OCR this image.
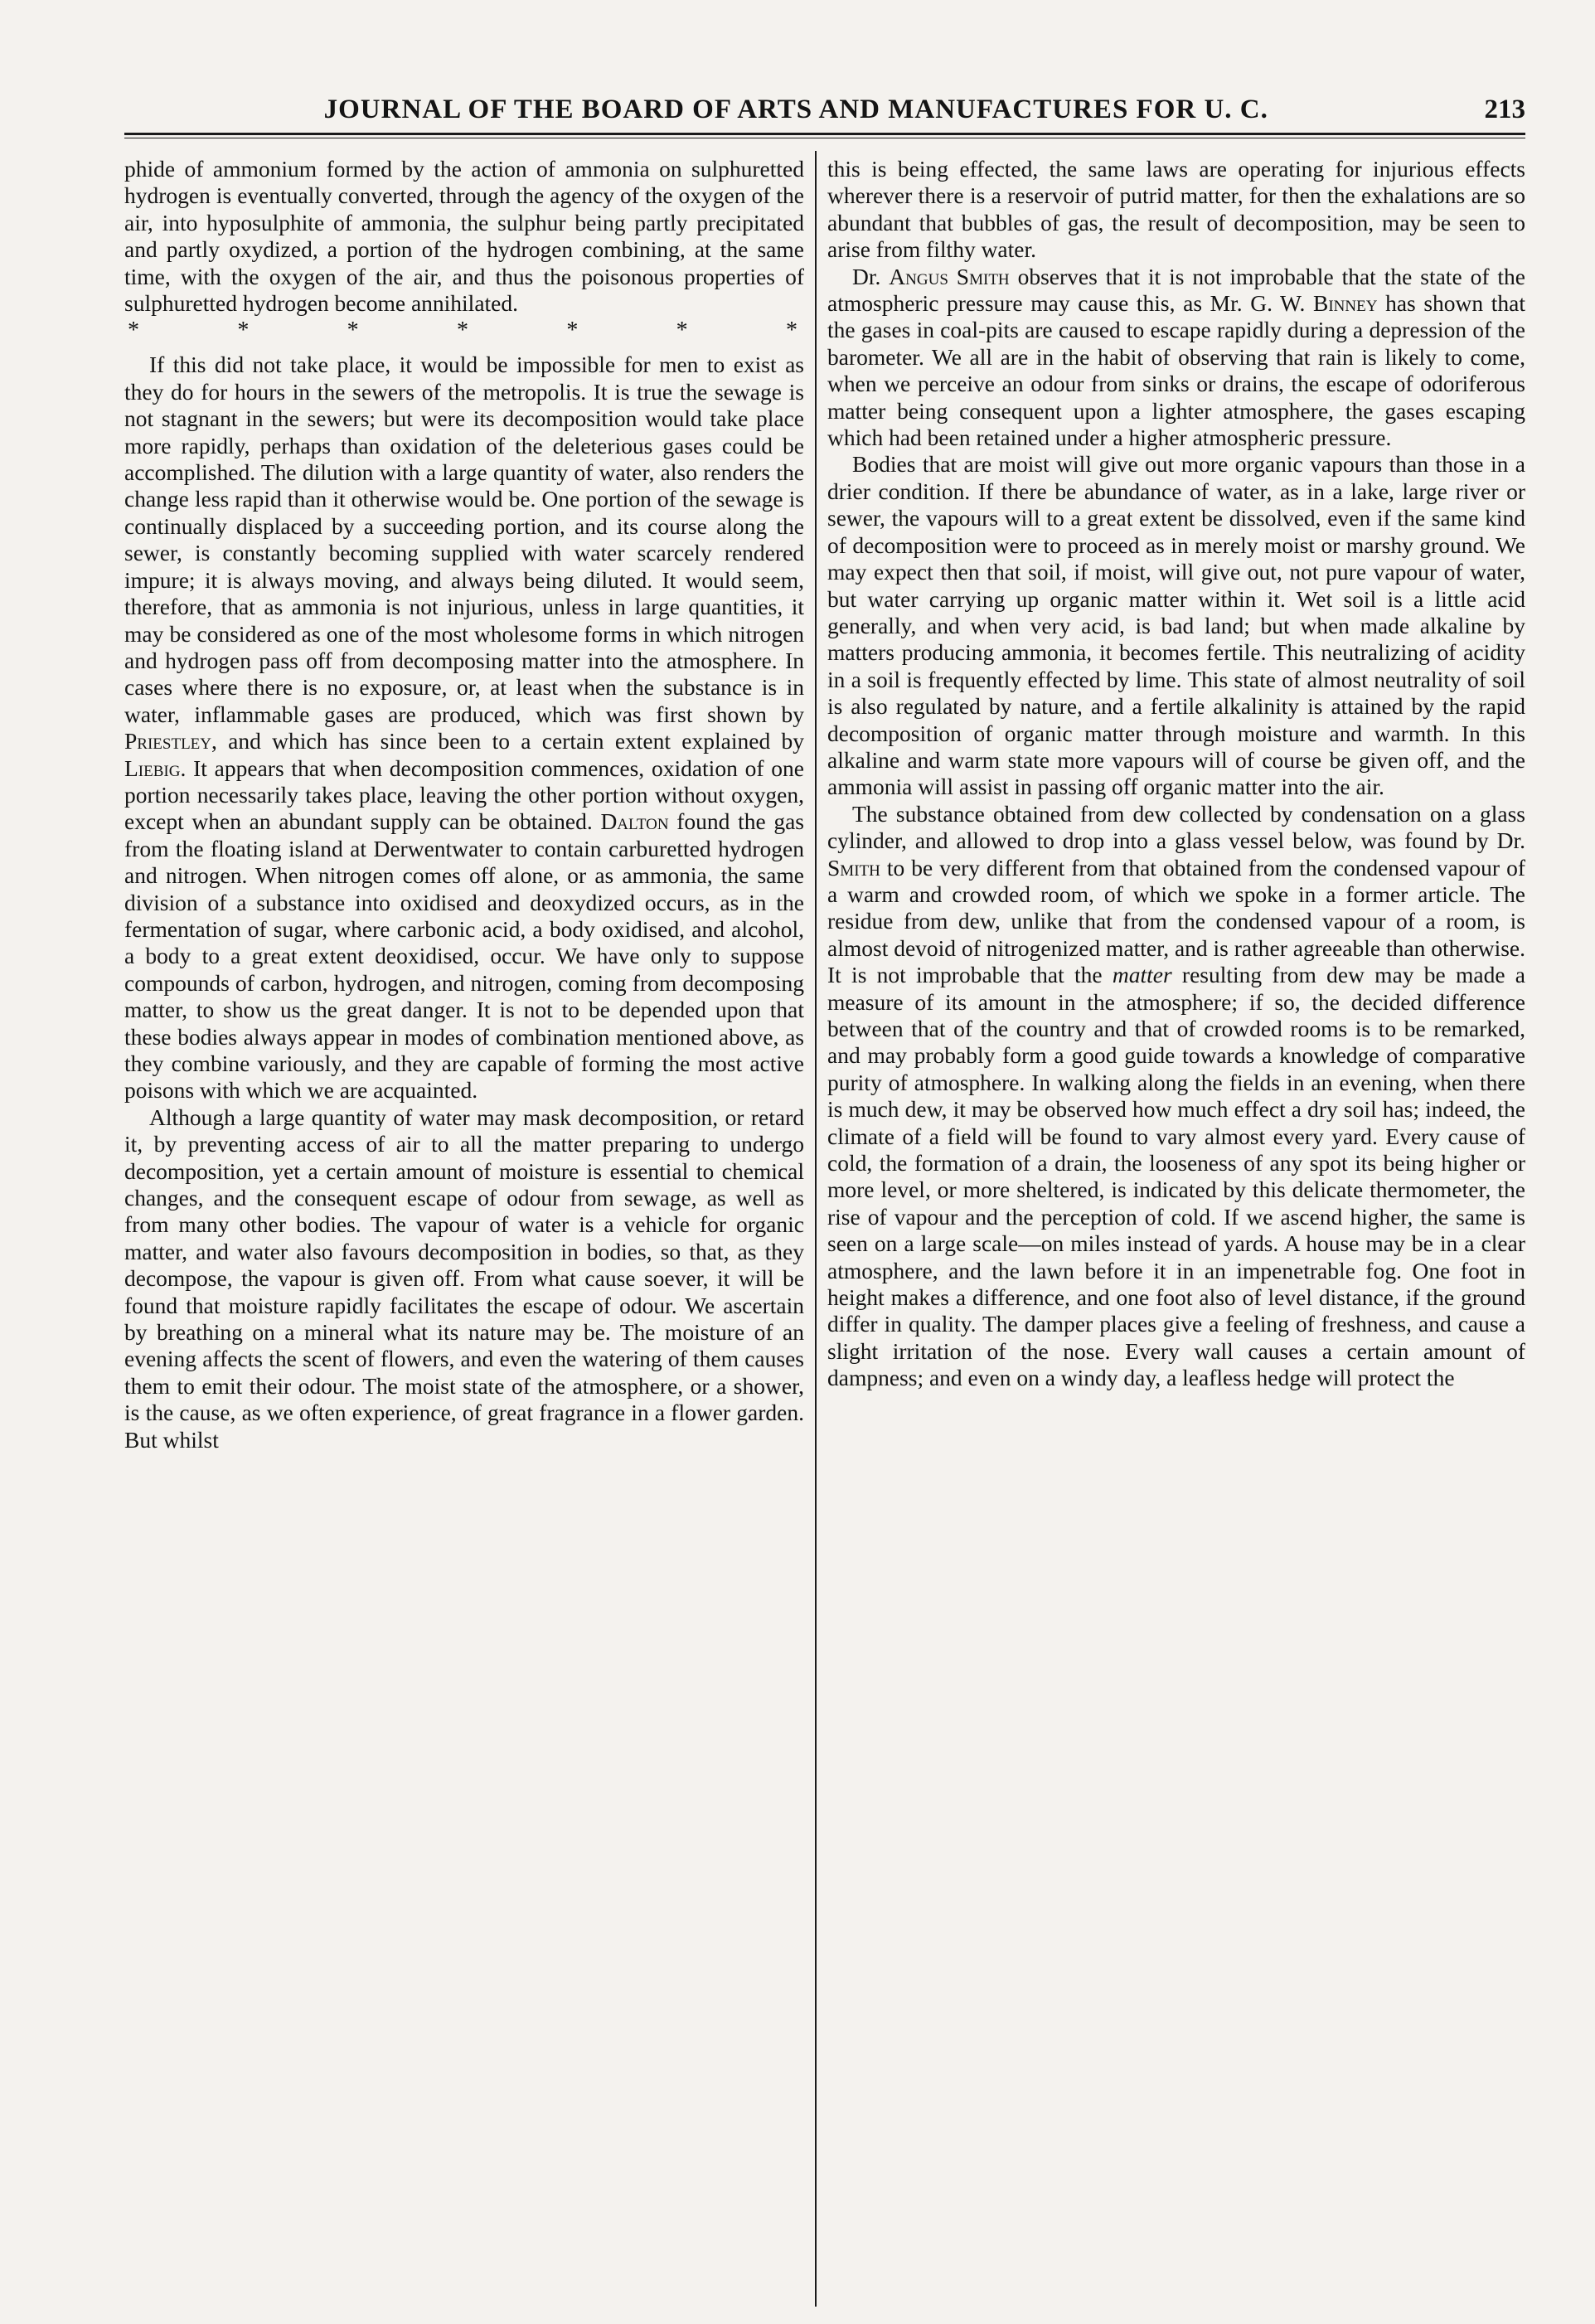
JOURNAL OF THE BOARD OF ARTS AND MANUFACTURES FOR U. C.	213

phide of ammonium formed by the action of ammonia on sulphuretted hydrogen is eventually converted, through the agency of the oxygen of the air, into hyposulphite of ammonia, the sulphur being partly precipitated and partly oxydized, a portion of the hydrogen combining, at the same time, with the oxygen of the air, and thus the poisonous properties of sulphuretted hydrogen become annihilated.

*	*	*	*	*	*	*

If this did not take place, it would be impossible for men to exist as they do for hours in the sewers of the metropolis. It is true the sewage is not stagnant in the sewers; but were its decomposition would take place more rapidly, perhaps than oxidation of the deleterious gases could be accomplished. The dilution with a large quantity of water, also renders the change less rapid than it otherwise would be. One portion of the sewage is continually displaced by a succeeding portion, and its course along the sewer, is constantly becoming supplied with water scarcely rendered impure; it is always moving, and always being diluted. It would seem, therefore, that as ammonia is not injurious, unless in large quantities, it may be considered as one of the most wholesome forms in which nitrogen and hydrogen pass off from decomposing matter into the atmosphere. In cases where there is no exposure, or, at least when the substance is in water, inflammable gases are produced, which was first shown by Priestley, and which has since been to a certain extent explained by Liebig. It appears that when decomposition commences, oxidation of one portion necessarily takes place, leaving the other portion without oxygen, except when an abundant supply can be obtained. Dalton found the gas from the floating island at Derwentwater to contain carburetted hydrogen and nitrogen. When nitrogen comes off alone, or as ammonia, the same division of a substance into oxidised and deoxydized occurs, as in the fermentation of sugar, where carbonic acid, a body oxidised, and alcohol, a body to a great extent deoxidised, occur. We have only to suppose compounds of carbon, hydrogen, and nitrogen, coming from decomposing matter, to show us the great danger. It is not to be depended upon that these bodies always appear in modes of combination mentioned above, as they combine variously, and they are capable of forming the most active poisons with which we are acquainted.

Although a large quantity of water may mask decomposition, or retard it, by preventing access of air to all the matter preparing to undergo decomposition, yet a certain amount of moisture is essential to chemical changes, and the consequent escape of odour from sewage, as well as from many other bodies. The vapour of water is a vehicle for organic matter, and water also favours decomposition in bodies, so that, as they decompose, the vapour is given off. From what cause soever, it will be found that moisture rapidly facilitates the escape of odour. We ascertain by breathing on a mineral what its nature may be. The moisture of an evening affects the scent of flowers, and even the watering of them causes them to emit their odour. The moist state of the atmosphere, or a shower, is the cause, as we often experience, of great fragrance in a flower garden. But whilst

this is being effected, the same laws are operating for injurious effects wherever there is a reservoir of putrid matter, for then the exhalations are so abundant that bubbles of gas, the result of decomposition, may be seen to arise from filthy water.

Dr. Angus Smith observes that it is not improbable that the state of the atmospheric pressure may cause this, as Mr. G. W. Binney has shown that the gases in coal-pits are caused to escape rapidly during a depression of the barometer. We all are in the habit of observing that rain is likely to come, when we perceive an odour from sinks or drains, the escape of odoriferous matter being consequent upon a lighter atmosphere, the gases escaping which had been retained under a higher atmospheric pressure.

Bodies that are moist will give out more organic vapours than those in a drier condition. If there be abundance of water, as in a lake, large river or sewer, the vapours will to a great extent be dissolved, even if the same kind of decomposition were to proceed as in merely moist or marshy ground. We may expect then that soil, if moist, will give out, not pure vapour of water, but water carrying up organic matter within it. Wet soil is a little acid generally, and when very acid, is bad land; but when made alkaline by matters producing ammonia, it becomes fertile. This neutralizing of acidity in a soil is frequently effected by lime. This state of almost neutrality of soil is also regulated by nature, and a fertile alkalinity is attained by the rapid decomposition of organic matter through moisture and warmth. In this alkaline and warm state more vapours will of course be given off, and the ammonia will assist in passing off organic matter into the air.

The substance obtained from dew collected by condensation on a glass cylinder, and allowed to drop into a glass vessel below, was found by Dr. Smith to be very different from that obtained from the condensed vapour of a warm and crowded room, of which we spoke in a former article. The residue from dew, unlike that from the condensed vapour of a room, is almost devoid of nitrogenized matter, and is rather agreeable than otherwise. It is not improbable that the matter resulting from dew may be made a measure of its amount in the atmosphere; if so, the decided difference between that of the country and that of crowded rooms is to be remarked, and may probably form a good guide towards a knowledge of comparative purity of atmosphere. In walking along the fields in an evening, when there is much dew, it may be observed how much effect a dry soil has; indeed, the climate of a field will be found to vary almost every yard. Every cause of cold, the formation of a drain, the looseness of any spot its being higher or more level, or more sheltered, is indicated by this delicate thermometer, the rise of vapour and the perception of cold. If we ascend higher, the same is seen on a large scale—on miles instead of yards. A house may be in a clear atmosphere, and the lawn before it in an impenetrable fog. One foot in height makes a difference, and one foot also of level distance, if the ground differ in quality. The damper places give a feeling of freshness, and cause a slight irritation of the nose. Every wall causes a certain amount of dampness; and even on a windy day, a leafless hedge will protect the
